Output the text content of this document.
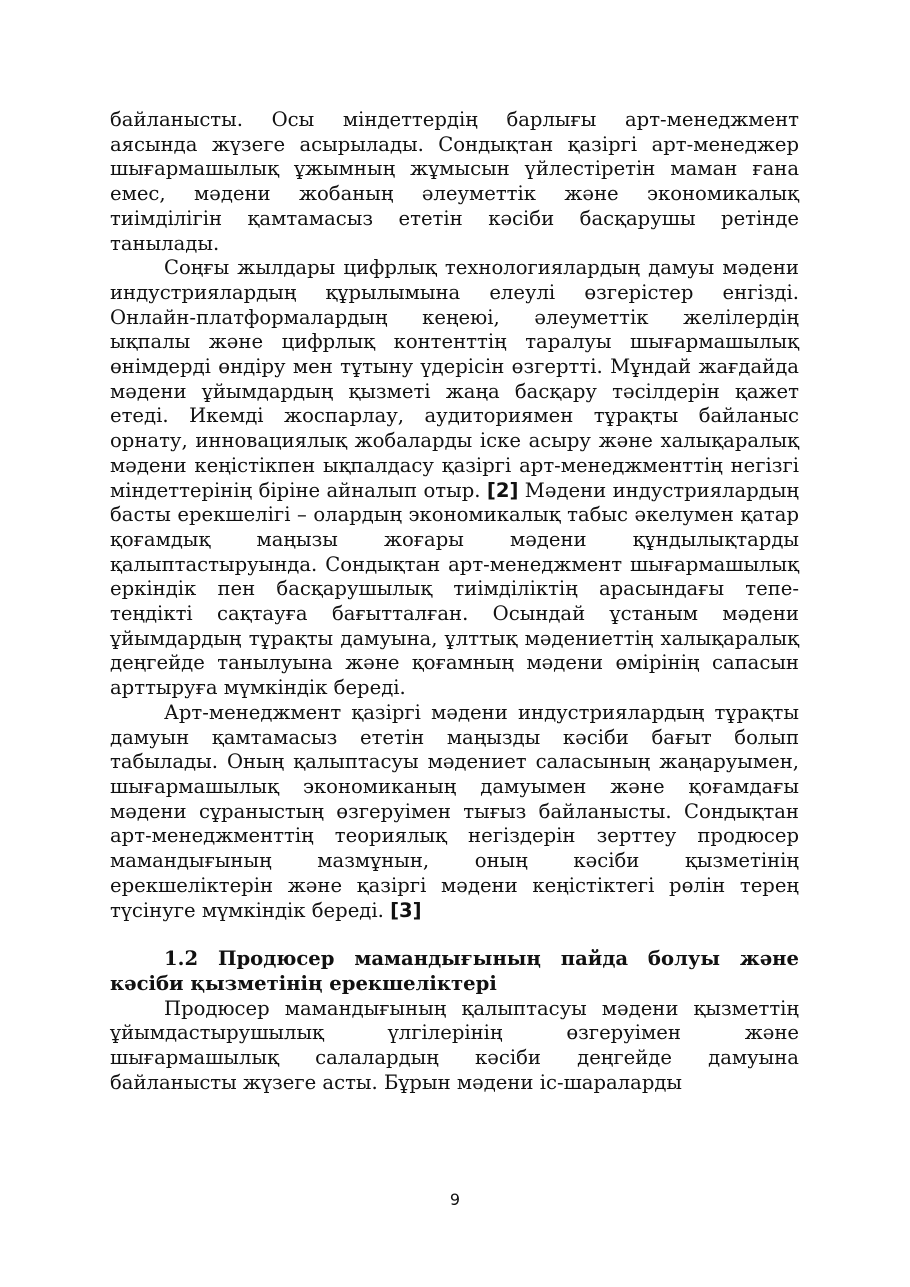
байланысты. Осы міндеттердің барлығы арт-менеджмент аясында жүзеге асырылады. Сондықтан қазіргі арт-менеджер шығармашылық ұжымның жұмысын үйлестіретін маман ғана емес, мәдени жобаның әлеуметтік және экономикалық тиімділігін қамтамасыз ететін кәсіби басқарушы ретінде танылады.

Соңғы жылдары цифрлық технологиялардың дамуы мәдени индустриялардың құрылымына елеулі өзгерістер енгізді. Онлайн-платформалардың кеңеюі, әлеуметтік желілердің ықпалы және цифрлық контенттің таралуы шығармашылық өнімдерді өндіру мен тұтыну үдерісін өзгертті. Мұндай жағдайда мәдени ұйымдардың қызметі жаңа басқару тәсілдерін қажет етеді. Икемді жоспарлау, аудиториямен тұрақты байланыс орнату, инновациялық жобаларды іске асыру және халықаралық мәдени кеңістікпен ықпалдасу қазіргі арт-менеджменттің негізгі міндеттерінің біріне айналып отыр. [2] Мәдени индустриялардың басты ерекшелігі – олардың экономикалық табыс әкелумен қатар қоғамдық маңызы жоғары мәдени құндылықтарды қалыптастыруында. Сондықтан арт-менеджмент шығармашылық еркіндік пен басқарушылық тиімділіктің арасындағы тепе-теңдікті сақтауға бағытталған. Осындай ұстаным мәдени ұйымдардың тұрақты дамуына, ұлттық мәдениеттің халықаралық деңгейде танылуына және қоғамның мәдени өмірінің сапасын арттыруға мүмкіндік береді.

Арт-менеджмент қазіргі мәдени индустриялардың тұрақты дамуын қамтамасыз ететін маңызды кәсіби бағыт болып табылады. Оның қалыптасуы мәдениет саласының жаңаруымен, шығармашылық экономиканың дамуымен және қоғамдағы мәдени сұраныстың өзгеруімен тығыз байланысты. Сондықтан арт-менеджменттің теориялық негіздерін зерттеу продюсер мамандығының мазмұнын, оның кәсіби қызметінің ерекшеліктерін және қазіргі мәдени кеңістіктегі рөлін терең түсінуге мүмкіндік береді. [3]

1.2 Продюсер мамандығының пайда болуы және кәсіби қызметінің ерекшеліктері

Продюсер мамандығының қалыптасуы мәдени қызметтің ұйымдастырушылық үлгілерінің өзгеруімен және шығармашылық салалардың кәсіби деңгейде дамуына байланысты жүзеге асты. Бұрын мәдени іс-шараларды

9
